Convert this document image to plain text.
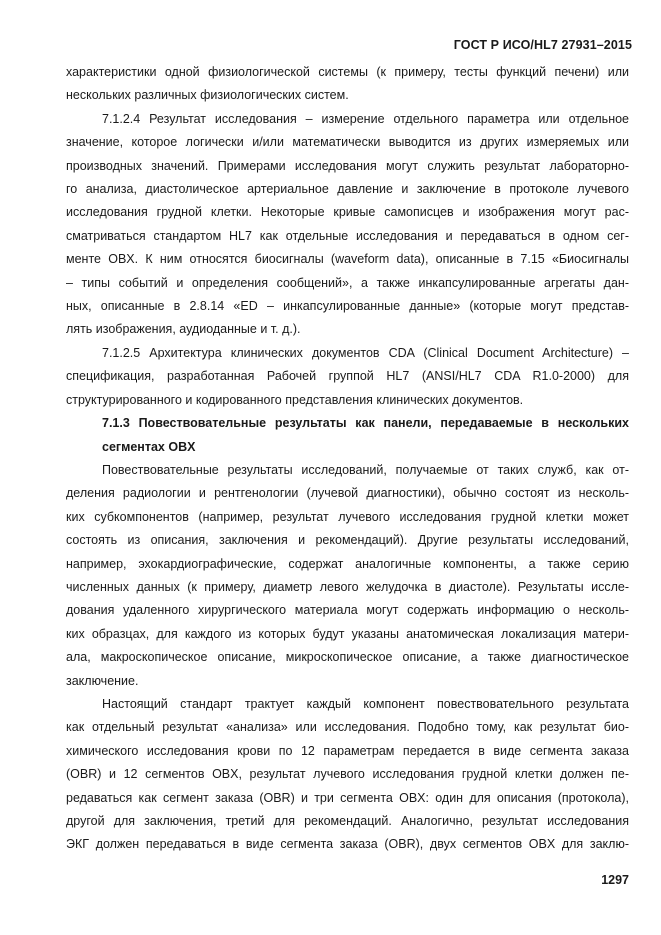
ГОСТ Р ИСО/HL7 27931–2015
характеристики одной физиологической системы (к примеру, тесты функций печени) или
нескольких различных физиологических систем.
7.1.2.4 Результат исследования – измерение отдельного параметра или отдельное
значение, которое логически и/или математически выводится из других измеряемых или
производных значений. Примерами исследования могут служить результат лабораторно-
го анализа, диастолическое артериальное давление и заключение в протоколе лучевого
исследования грудной клетки. Некоторые кривые самописцев и изображения могут рас-
сматриваться стандартом HL7 как отдельные исследования и передаваться в одном сег-
менте OBX. К ним относятся биосигналы (waveform data), описанные в 7.15 «Биосигналы
– типы событий и определения сообщений», а также инкапсулированные агрегаты дан-
ных, описанные в 2.8.14 «ED – инкапсулированные данные» (которые могут представ-
лять изображения, аудиоданные и т. д.).
7.1.2.5 Архитектура клинических документов CDA (Clinical Document Architecture) –
спецификация, разработанная Рабочей группой HL7 (ANSI/HL7 CDA R1.0-2000) для
структурированного и кодированного представления клинических документов.
7.1.3 Повествовательные результаты как панели, передаваемые в нескольких
сегментах OBX
Повествовательные результаты исследований, получаемые от таких служб, как от-
деления радиологии и рентгенологии (лучевой диагностики), обычно состоят из несколь-
ких субкомпонентов (например, результат лучевого исследования грудной клетки может
состоять из описания, заключения и рекомендаций). Другие результаты исследований,
например, эхокардиографические, содержат аналогичные компоненты, а также серию
численных данных (к примеру, диаметр левого желудочка в диастоле). Результаты иссле-
дования удаленного хирургического материала могут содержать информацию о несколь-
ких образцах, для каждого из которых будут указаны анатомическая локализация матери-
ала, макроскопическое описание, микроскопическое описание, а также диагностическое
заключение.
Настоящий стандарт трактует каждый компонент повествовательного результата
как отдельный результат «анализа» или исследования. Подобно тому, как результат био-
химического исследования крови по 12 параметрам передается в виде сегмента заказа
(OBR) и 12 сегментов OBX, результат лучевого исследования грудной клетки должен пе-
редаваться как сегмент заказа (OBR) и три сегмента OBX: один для описания (протокола),
другой для заключения, третий для рекомендаций. Аналогично, результат исследования
ЭКГ должен передаваться в виде сегмента заказа (OBR), двух сегментов OBX для заклю-
1297
